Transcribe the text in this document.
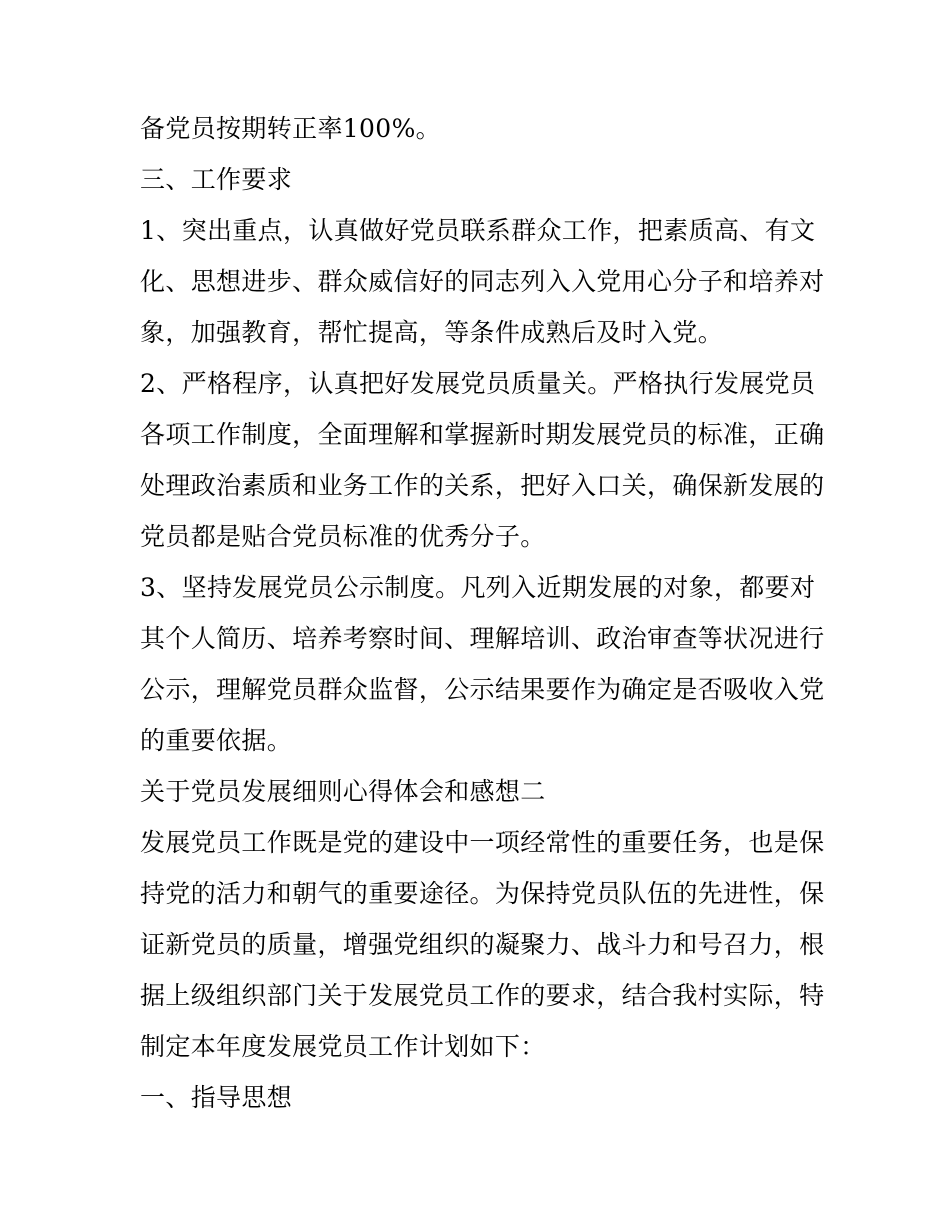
备党员按期转正率100%。
三、工作要求
1、突出重点，认真做好党员联系群众工作，把素质高、有文
化、思想进步、群众威信好的同志列入入党用心分子和培养对
象，加强教育，帮忙提高，等条件成熟后及时入党。
2、严格程序，认真把好发展党员质量关。严格执行发展党员
各项工作制度，全面理解和掌握新时期发展党员的标准，正确
处理政治素质和业务工作的关系，把好入口关，确保新发展的
党员都是贴合党员标准的优秀分子。
3、坚持发展党员公示制度。凡列入近期发展的对象，都要对
其个人简历、培养考察时间、理解培训、政治审查等状况进行
公示，理解党员群众监督，公示结果要作为确定是否吸收入党
的重要依据。
关于党员发展细则心得体会和感想二
发展党员工作既是党的建设中一项经常性的重要任务，也是保
持党的活力和朝气的重要途径。为保持党员队伍的先进性，保
证新党员的质量，增强党组织的凝聚力、战斗力和号召力，根
据上级组织部门关于发展党员工作的要求，结合我村实际，特
制定本年度发展党员工作计划如下：
一、指导思想
